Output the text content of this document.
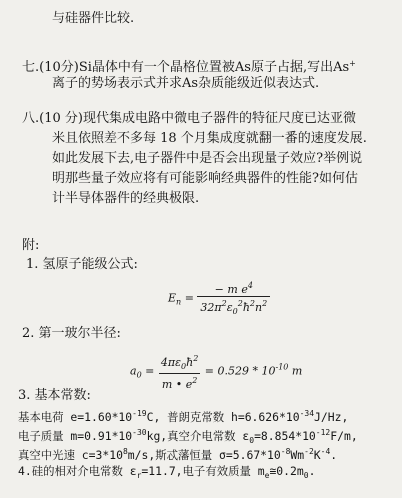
与硅器件比较.
七.(10分)Si晶体中有一个晶格位置被As原子占据,写出As+
离子的势场表示式并求As杂质能级近似表达式.
八.(10 分)现代集成电路中微电子器件的特征尺度已达亚微
米且依照差不多每 18 个月集成度就翻一番的速度发展.
如此发展下去,电子器件中是否会出现量子效应?举例说
明那些量子效应将有可能影响经典器件的性能?如何估
计半导体器件的经典极限.
附:
1. 氢原子能级公式:
$E_n = \frac{- m e^4}{32\pi^2\varepsilon_0^2ħ^2n^2}$
2. 第一玻尔半径:
$a_0 = \frac{4\pi\varepsilon_0ħ^2}{m • e^2} = 0.529 * 10^{-10}$ m
3. 基本常数:
基本电荷 $e=1.60*10^{-19}C$, 普朗克常数 $h=6.626*10^{-34}J/Hz$,
电子质量 $m=0.91*10^{-30}kg$,真空介电常数 $\varepsilon_0=8.854*10^{-12}F/m$,
真空中光速 $c=3*10^8m/s$,斯忒藩恒量 $\sigma=5.67*10^{-8}Wm^{-2}K^{-4}$.
4.硅的相对介电常数 $\varepsilon_r=11.7$,电子有效质量 $m_e≅0.2m_0$.
